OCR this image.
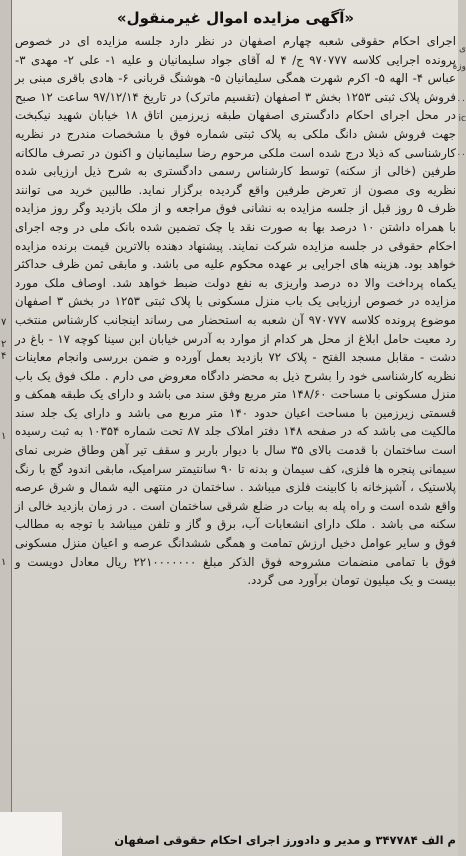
۷
۲
۴
۱
۱
ی
وزه
۰۰
ic
۰۰
«آگهی مزایده اموال غیرمنقول»

اجرای احکام حقوقی شعبه چهارم اصفهان در نظر دارد جلسه مزایده ای در خصوص پرونده اجرایی کلاسه ۹۷۰۷۷۷ ج/ ۴ له آقای جواد سلیمانیان و علیه ۱- علی ۲- مهدی ۳- عباس ۴- الهه ۵- اکرم شهرت همگی سلیمانیان ۵- هوشنگ قربانی ۶- هادی باقری مبنی بر فروش پلاک ثبتی ۱۲۵۳ بخش ۳ اصفهان (تقسیم ماترک) در تاریخ ۹۷/۱۲/۱۴ ساعت ۱۲ صبح در محل اجرای احکام دادگستری اصفهان طبقه زیرزمین اتاق ۱۸ خیابان شهید نیکبخت جهت فروش شش دانگ ملکی به پلاک ثبتی شماره فوق با مشخصات مندرج در نظریه کارشناسی که ذیلا درج شده است ملکی مرحوم رضا سلیمانیان و اکنون در تصرف مالکانه طرفین (خالی از سکنه) توسط کارشناس رسمی دادگستری به شرح ذیل ارزیابی شده نظریه وی مصون از تعرض طرفین واقع گردیده برگزار نماید. طالبین خرید می توانند ظرف ۵ روز قبل از جلسه مزایده به نشانی فوق مراجعه و از ملک بازدید وگر روز مزایده با همراه داشتن ۱۰ درصد بها به صورت نقد یا چک تضمین شده بانک ملی در وجه اجرای احکام حقوقی در جلسه مزایده شرکت نمایند. پیشنهاد دهنده بالاترین قیمت برنده مزایده خواهد بود. هزینه های اجرایی بر عهده محکوم علیه می باشد. و مابقی ثمن ظرف حداکثر یکماه پرداخت والا ده درصد واریزی به نفع دولت ضبط خواهد شد. اوصاف ملک مورد مزایده در خصوص ارزیابی یک باب منزل مسکونی با پلاک ثبتی ۱۲۵۳ در بخش ۳ اصفهان موضوع پرونده کلاسه ۹۷۰۷۷۷ آن شعبه به استحضار می رساند اینجانب کارشناس منتخب رد معیت حامل ابلاغ از محل هر کدام از موارد به آدرس خیابان ابن سینا کوچه ۱۷ - باغ در دشت - مقابل مسجد الفتح - پلاک ۷۲ بازدید بعمل آورده و ضمن بررسی وانجام معاینات نظریه کارشناسی خود را بشرح ذیل به محضر دادگاه معروض می دارم . ملک فوق یک باب منزل مسکونی با مساحت ۱۴۸/۶۰ متر مربع وفق سند می باشد و دارای یک طبقه همکف و قسمتی زیرزمین با مساحت اعیان حدود ۱۴۰ متر مربع می باشد و دارای یک جلد سند مالکیت می باشد که در صفحه ۱۴۸ دفتر املاک جلد ۸۷ تحت شماره ۱۰۳۵۴ به ثبت رسیده است ساختمان با قدمت بالای ۳۵ سال با دیوار باربر و سقف تیر آهن وطاق ضربی نمای سیمانی پنجره ها فلزی، کف سیمان و بدنه تا ۹۰ سانتیمتر سرامیک، مابقی اندود گچ با رنگ پلاستیک ، آشپزخانه با کابینت فلزی میباشد . ساختمان در منتهی الیه شمال و شرق عرصه واقع شده است و راه پله به بیات در ضلع شرقی ساختمان است . در زمان بازدید خالی از سکنه می باشد . ملک دارای انشعابات آب، برق و گاز و تلفن میباشد با توجه به مطالب فوق و سایر عوامل دخیل ارزش تمامت و همگی ششدانگ عرصه و اعیان منزل مسکونی فوق با تمامی منضمات مشروحه فوق الذکر مبلغ ۲۲۱۰۰۰۰۰۰۰ ریال معادل دویست و بیست و یک میلیون تومان برآورد می گردد.

م الف ۳۴۷۷۸۴ و مدیر و دادورز اجرای احکام حقوقی اصفهان
